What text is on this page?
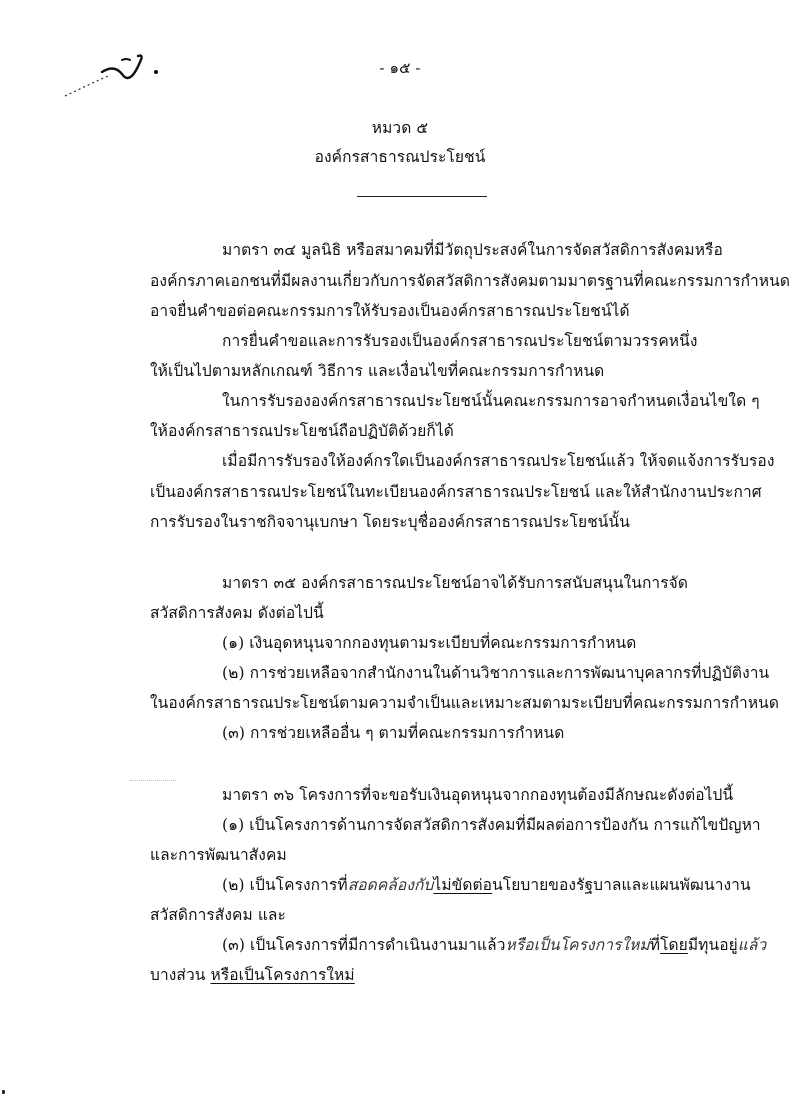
- ๑๕ -
หมวด ๕
องค์กรสาธารณประโยชน์
มาตรา ๓๔ มูลนิธิ หรือสมาคมที่มีวัตถุประสงค์ในการจัดสวัสดิการสังคมหรือ
องค์กรภาคเอกชนที่มีผลงานเกี่ยวกับการจัดสวัสดิการสังคมตามมาตรฐานที่คณะกรรมการกำหนด
อาจยื่นคำขอต่อคณะกรรมการให้รับรองเป็นองค์กรสาธารณประโยชน์ได้
การยื่นคำขอและการรับรองเป็นองค์กรสาธารณประโยชน์ตามวรรคหนึ่ง
ให้เป็นไปตามหลักเกณฑ์ วิธีการ และเงื่อนไขที่คณะกรรมการกำหนด
ในการรับรององค์กรสาธารณประโยชน์นั้นคณะกรรมการอาจกำหนดเงื่อนไขใด ๆ
ให้องค์กรสาธารณประโยชน์ถือปฏิบัติด้วยก็ได้
เมื่อมีการรับรองให้องค์กรใดเป็นองค์กรสาธารณประโยชน์แล้ว ให้จดแจ้งการรับรอง
เป็นองค์กรสาธารณประโยชน์ในทะเบียนองค์กรสาธารณประโยชน์ และให้สำนักงานประกาศ
การรับรองในราชกิจจานุเบกษา โดยระบุชื่อองค์กรสาธารณประโยชน์นั้น
มาตรา ๓๕ องค์กรสาธารณประโยชน์อาจได้รับการสนับสนุนในการจัด
สวัสดิการสังคม ดังต่อไปนี้
(๑) เงินอุดหนุนจากกองทุนตามระเบียบที่คณะกรรมการกำหนด
(๒) การช่วยเหลือจากสำนักงานในด้านวิชาการและการพัฒนาบุคลากรที่ปฏิบัติงาน
ในองค์กรสาธารณประโยชน์ตามความจำเป็นและเหมาะสมตามระเบียบที่คณะกรรมการกำหนด
(๓) การช่วยเหลืออื่น ๆ ตามที่คณะกรรมการกำหนด
มาตรา ๓๖ โครงการที่จะขอรับเงินอุดหนุนจากกองทุนต้องมีลักษณะดังต่อไปนี้
(๑) เป็นโครงการด้านการจัดสวัสดิการสังคมที่มีผลต่อการป้องกัน การแก้ไขปัญหา
และการพัฒนาสังคม
(๒) เป็นโครงการที่สอดคล้องกับไม่ขัดต่อนโยบายของรัฐบาลและแผนพัฒนางาน
สวัสดิการสังคม และ
(๓) เป็นโครงการที่มีการดำเนินงานมาแล้วหรือเป็นโครงการใหม่ที่โดยมีทุนอยู่แล้ว
บางส่วน หรือเป็นโครงการใหม่
